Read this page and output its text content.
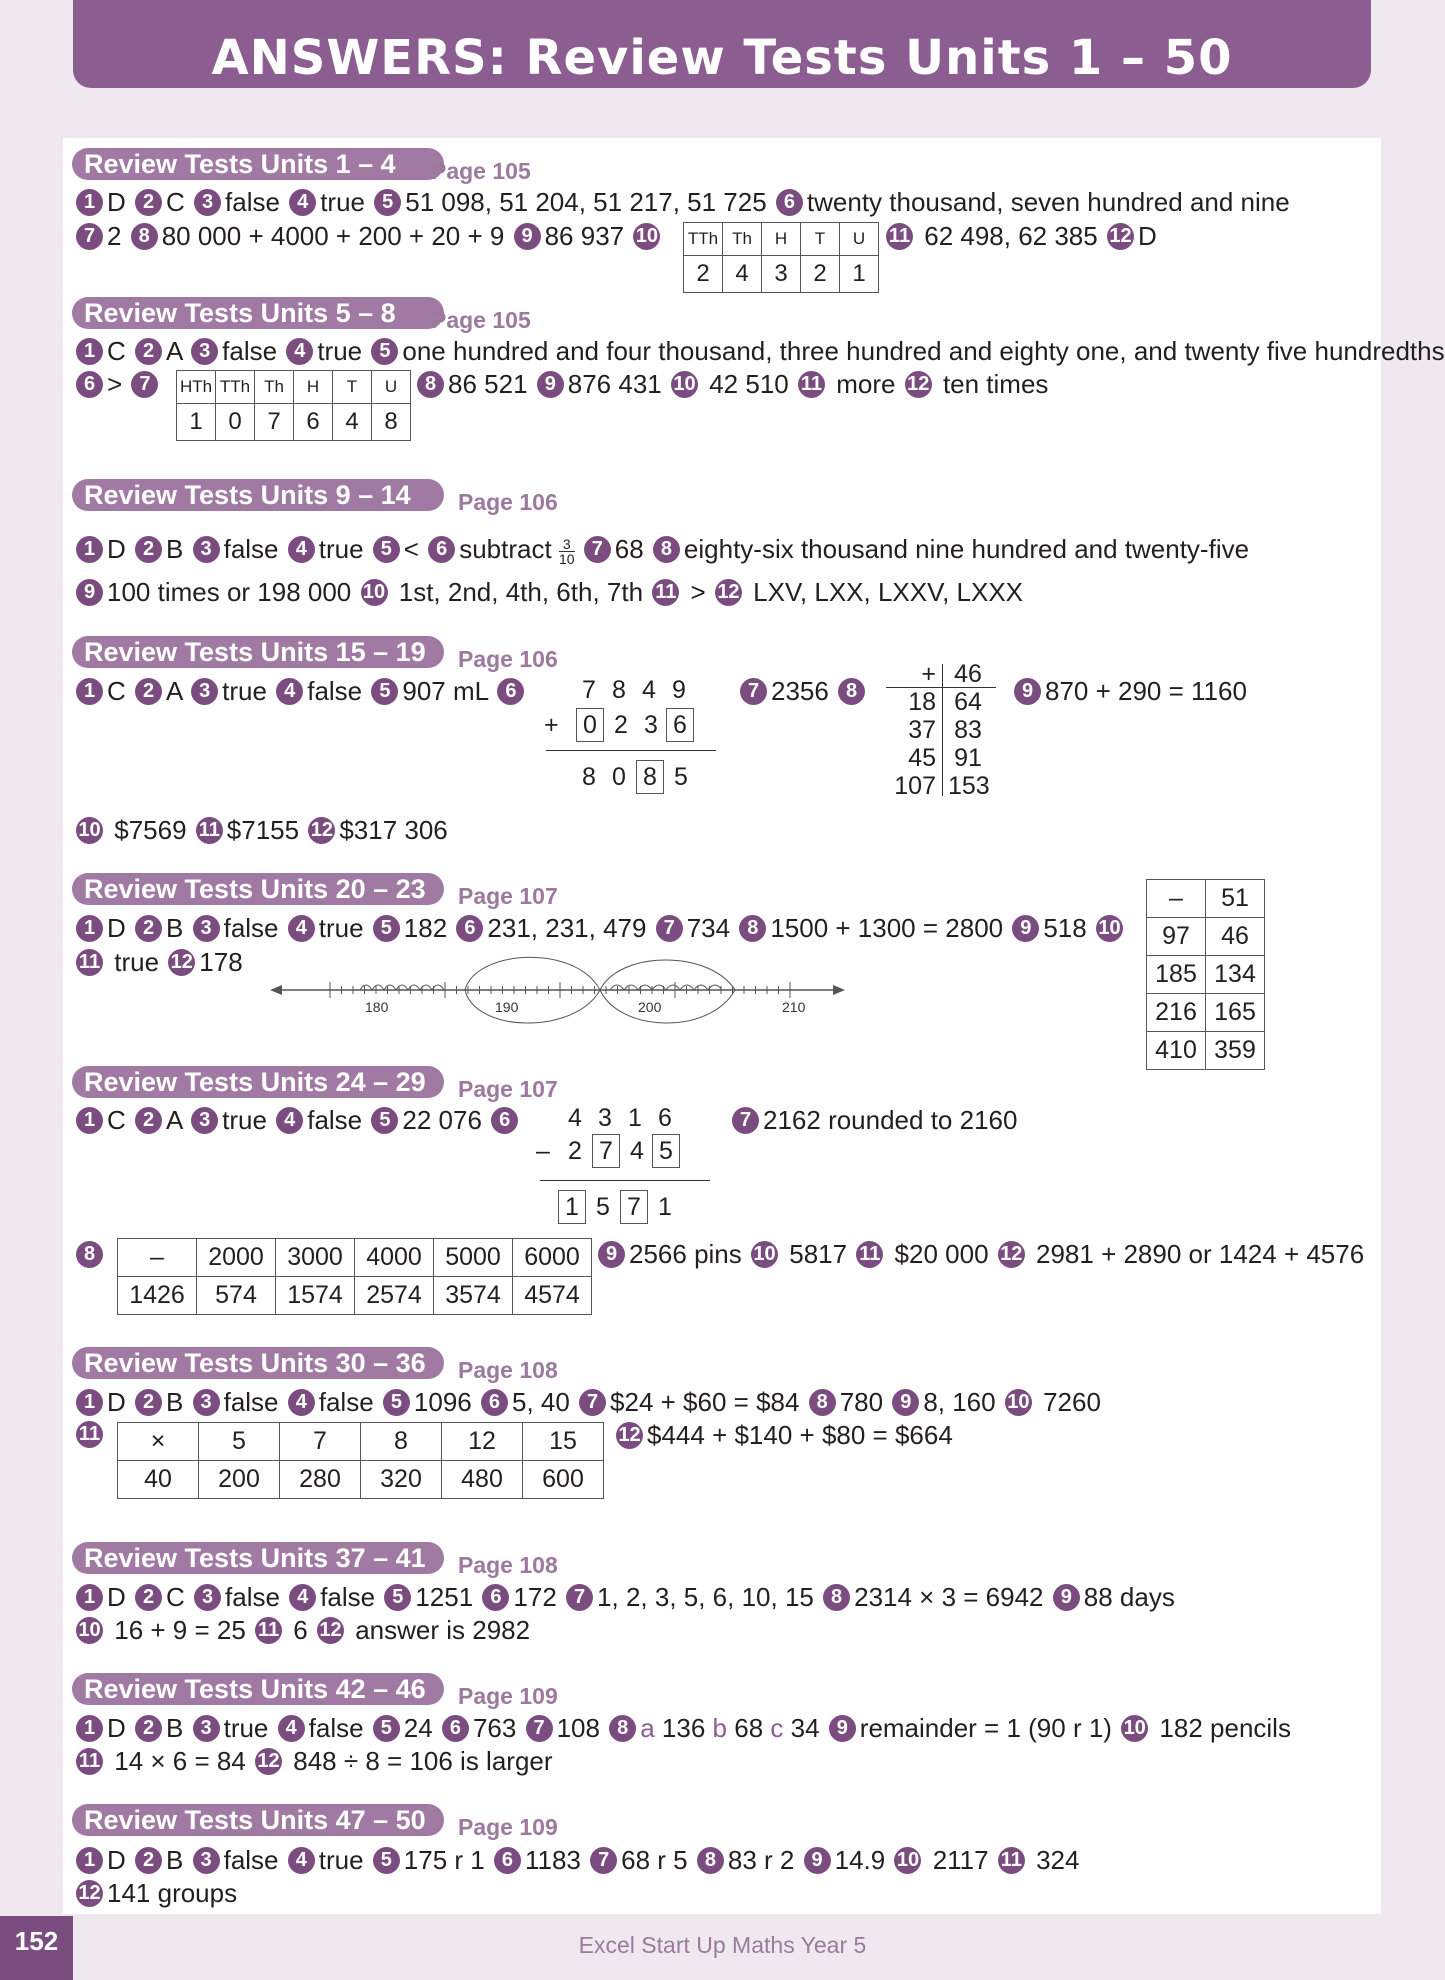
ANSWERS: Review Tests Units 1 – 50
Review Tests Units 1 – 4	Page 105
1 D 2 C 3 false 4 true 5 51 098, 51 204, 51 217, 51 725 6 twenty thousand, seven hundred and nine
7 2 8 80 000 + 4000 + 200 + 20 + 9 9 86 937 10	TTh	Th	H	T	U
2	4	3	2	1
11 62 498, 62 385 12 D
Review Tests Units 5 – 8	Page 105
1 C 2 A 3 false 4 true 5 one hundred and four thousand, three hundred and eighty one, and twenty five hundredths
6 > 7	HTh	TTh	Th	H	T	U
1	0	7	6	4	8
8 86 521 9 876 431 10 42 510 11 more 12 ten times
Review Tests Units 9 – 14	Page 106
1 D 2 B 3 false 4 true 5 < 6 subtract $\frac{3}{10} 7$ 68 8 eighty-six thousand nine hundred and twenty-five
9 100 times or 198 000 10 1st, 2nd, 4th, 6th, 7th 11 > 12 LXV, LXX, LXXV, LXXX
Review Tests Units 15 – 19	Page 106
1 C 2 A 3 true 4 false 5 907 mL 6	7 8 4 9
+ 0 2 3 6
8 0 8 5
7 2356 8
+ 46
18 64
37 83
45 91
107 153
9 870 + 290 = 1160
10 $7569 11 $7155 12 $317 306
Review Tests Units 20 – 23	Page 107
1 D 2 B 3 false 4 true 5 182 6 231, 231, 479 7 734 8 1500 + 1300 = 2800 9 518 10
11 true 12 178
180	190	200	210
–	51
97	46
185	134
216	165
410	359
Review Tests Units 24 – 29	Page 107
1 C 2 A 3 true 4 false 5 22 076 6	4 3 1 6
– 2 7 4 5
1 5 7 1
7 2162 rounded to 2160
8	–	2000	3000	4000	5000	6000
1426	574	1574	2574	3574	4574
9 2566 pins 10 5817 11 $20 000 12 2981 + 2890 or 1424 + 4576
Review Tests Units 30 – 36	Page 108
1 D 2 B 3 false 4 false 5 1096 6 5, 40 7 $24 + $60 = $84 8 780 9 8, 160 10 7260
11 ×	5	7	8	12	15
40	200	280	320	480	600
12 $444 + $140 + $80 = $664
Review Tests Units 37 – 41	Page 108
1 D 2 C 3 false 4 false 5 1251 6 172 7 1, 2, 3, 5, 6, 10, 15 8 2314 × 3 = 6942 9 88 days
10 16 + 9 = 25 11 6 12 answer is 2982
Review Tests Units 42 – 46	Page 109
1 D 2 B 3 true 4 false 5 24 6 763 7 108 8 a 136 b 68 c 34 9 remainder = 1 (90 r 1) 10 182 pencils
11 14 × 6 = 84 12 848 ÷ 8 = 106 is larger
Review Tests Units 47 – 50	Page 109
1 D 2 B 3 false 4 true 5 175 r 1 6 1183 7 68 r 5 8 83 r 2 9 14.9 10 2117 11 324
12 141 groups
152	Excel Start Up Maths Year 5
